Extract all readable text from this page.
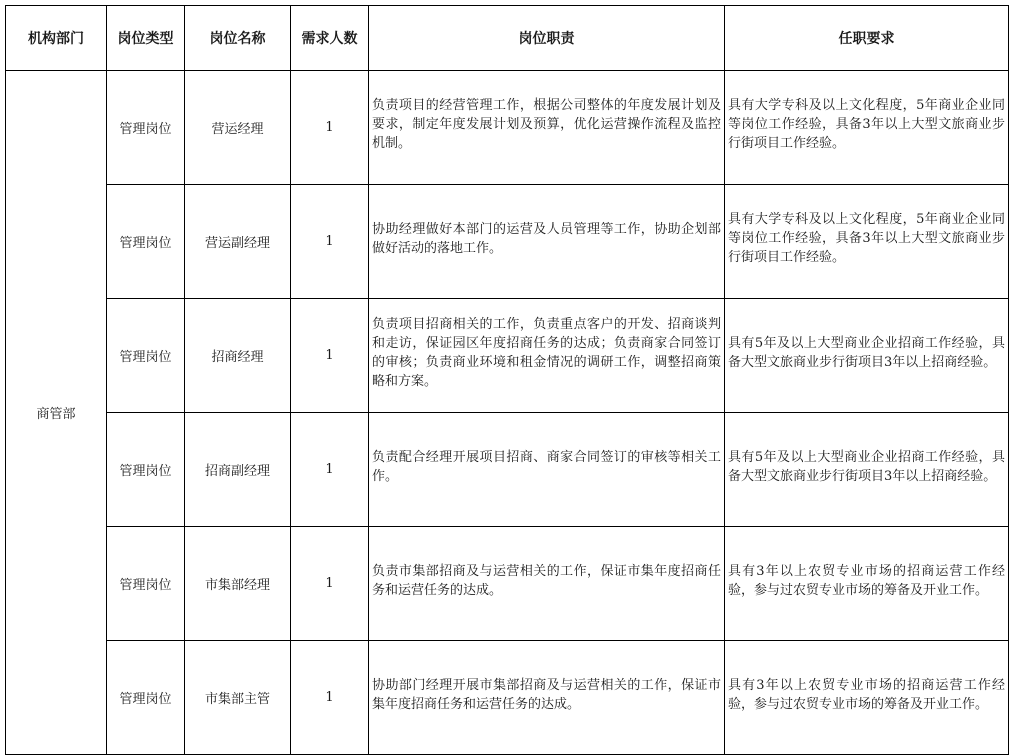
机构部门	岗位类型	岗位名称	需求人数	岗位职责	任职要求
商管部	管理岗位	营运经理	1	负责项目的经营管理工作，根据公司整体的年度发展计划及要求，制定年度发展计划及预算，优化运营操作流程及监控机制。	具有大学专科及以上文化程度，5年商业企业同等岗位工作经验，具备3年以上大型文旅商业步行街项目工作经验。
	管理岗位	营运副经理	1	协助经理做好本部门的运营及人员管理等工作，协助企划部做好活动的落地工作。	具有大学专科及以上文化程度，5年商业企业同等岗位工作经验，具备3年以上大型文旅商业步行街项目工作经验。
	管理岗位	招商经理	1	负责项目招商相关的工作，负责重点客户的开发、招商谈判和走访，保证园区年度招商任务的达成；负责商家合同签订的审核；负责商业环境和租金情况的调研工作，调整招商策略和方案。	具有5年及以上大型商业企业招商工作经验，具备大型文旅商业步行街项目3年以上招商经验。
	管理岗位	招商副经理	1	负责配合经理开展项目招商、商家合同签订的审核等相关工作。	具有5年及以上大型商业企业招商工作经验，具备大型文旅商业步行街项目3年以上招商经验。
	管理岗位	市集部经理	1	负责市集部招商及与运营相关的工作，保证市集年度招商任务和运营任务的达成。	具有3年以上农贸专业市场的招商运营工作经验，参与过农贸专业市场的筹备及开业工作。
	管理岗位	市集部主管	1	协助部门经理开展市集部招商及与运营相关的工作，保证市集年度招商任务和运营任务的达成。	具有3年以上农贸专业市场的招商运营工作经验，参与过农贸专业市场的筹备及开业工作。
